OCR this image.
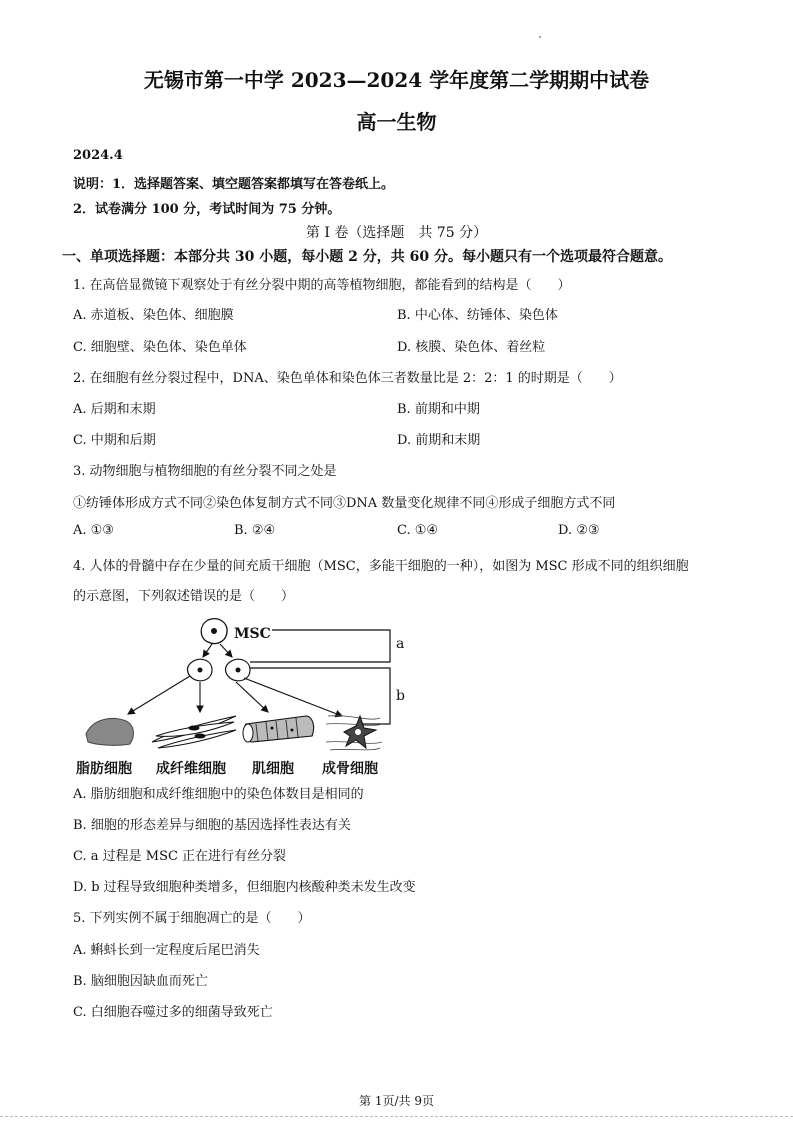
无锡市第一中学 2023—2024 学年度第二学期期中试卷
高一生物
2024.4
说明：1．选择题答案、填空题答案都填写在答卷纸上。
2．试卷满分 100 分，考试时间为 75 分钟。
第 I 卷（选择题　共 75 分）
一、单项选择题：本部分共 30 小题，每小题 2 分，共 60 分。每小题只有一个选项最符合题意。
1. 在高倍显微镜下观察处于有丝分裂中期的高等植物细胞，都能看到的结构是（　　）
A. 赤道板、染色体、细胞膜	B. 中心体、纺锤体、染色体
C. 细胞壁、染色体、染色单体	D. 核膜、染色体、着丝粒
2. 在细胞有丝分裂过程中，DNA、染色单体和染色体三者数量比是 2：2：1 的时期是（　　）
A. 后期和末期	B. 前期和中期
C. 中期和后期	D. 前期和末期
3. 动物细胞与植物细胞的有丝分裂不同之处是
①纺锤体形成方式不同②染色体复制方式不同③DNA 数量变化规律不同④形成子细胞方式不同
A. ①③	B. ②④	C. ①④	D. ②③
4. 人体的骨髓中存在少量的间充质干细胞（MSC，多能干细胞的一种），如图为 MSC 形成不同的组织细胞
的示意图，下列叙述错误的是（　　）
MSC
a
b
脂肪细胞 成纤维细胞 肌细胞 成骨细胞
A. 脂肪细胞和成纤维细胞中的染色体数目是相同的
B. 细胞的形态差异与细胞的基因选择性表达有关
C. a 过程是 MSC 正在进行有丝分裂
D. b 过程导致细胞种类增多，但细胞内核酸种类未发生改变
5. 下列实例不属于细胞凋亡的是（　　）
A. 蝌蚪长到一定程度后尾巴消失
B. 脑细胞因缺血而死亡
C. 白细胞吞噬过多的细菌导致死亡
第 1页/共 9页
